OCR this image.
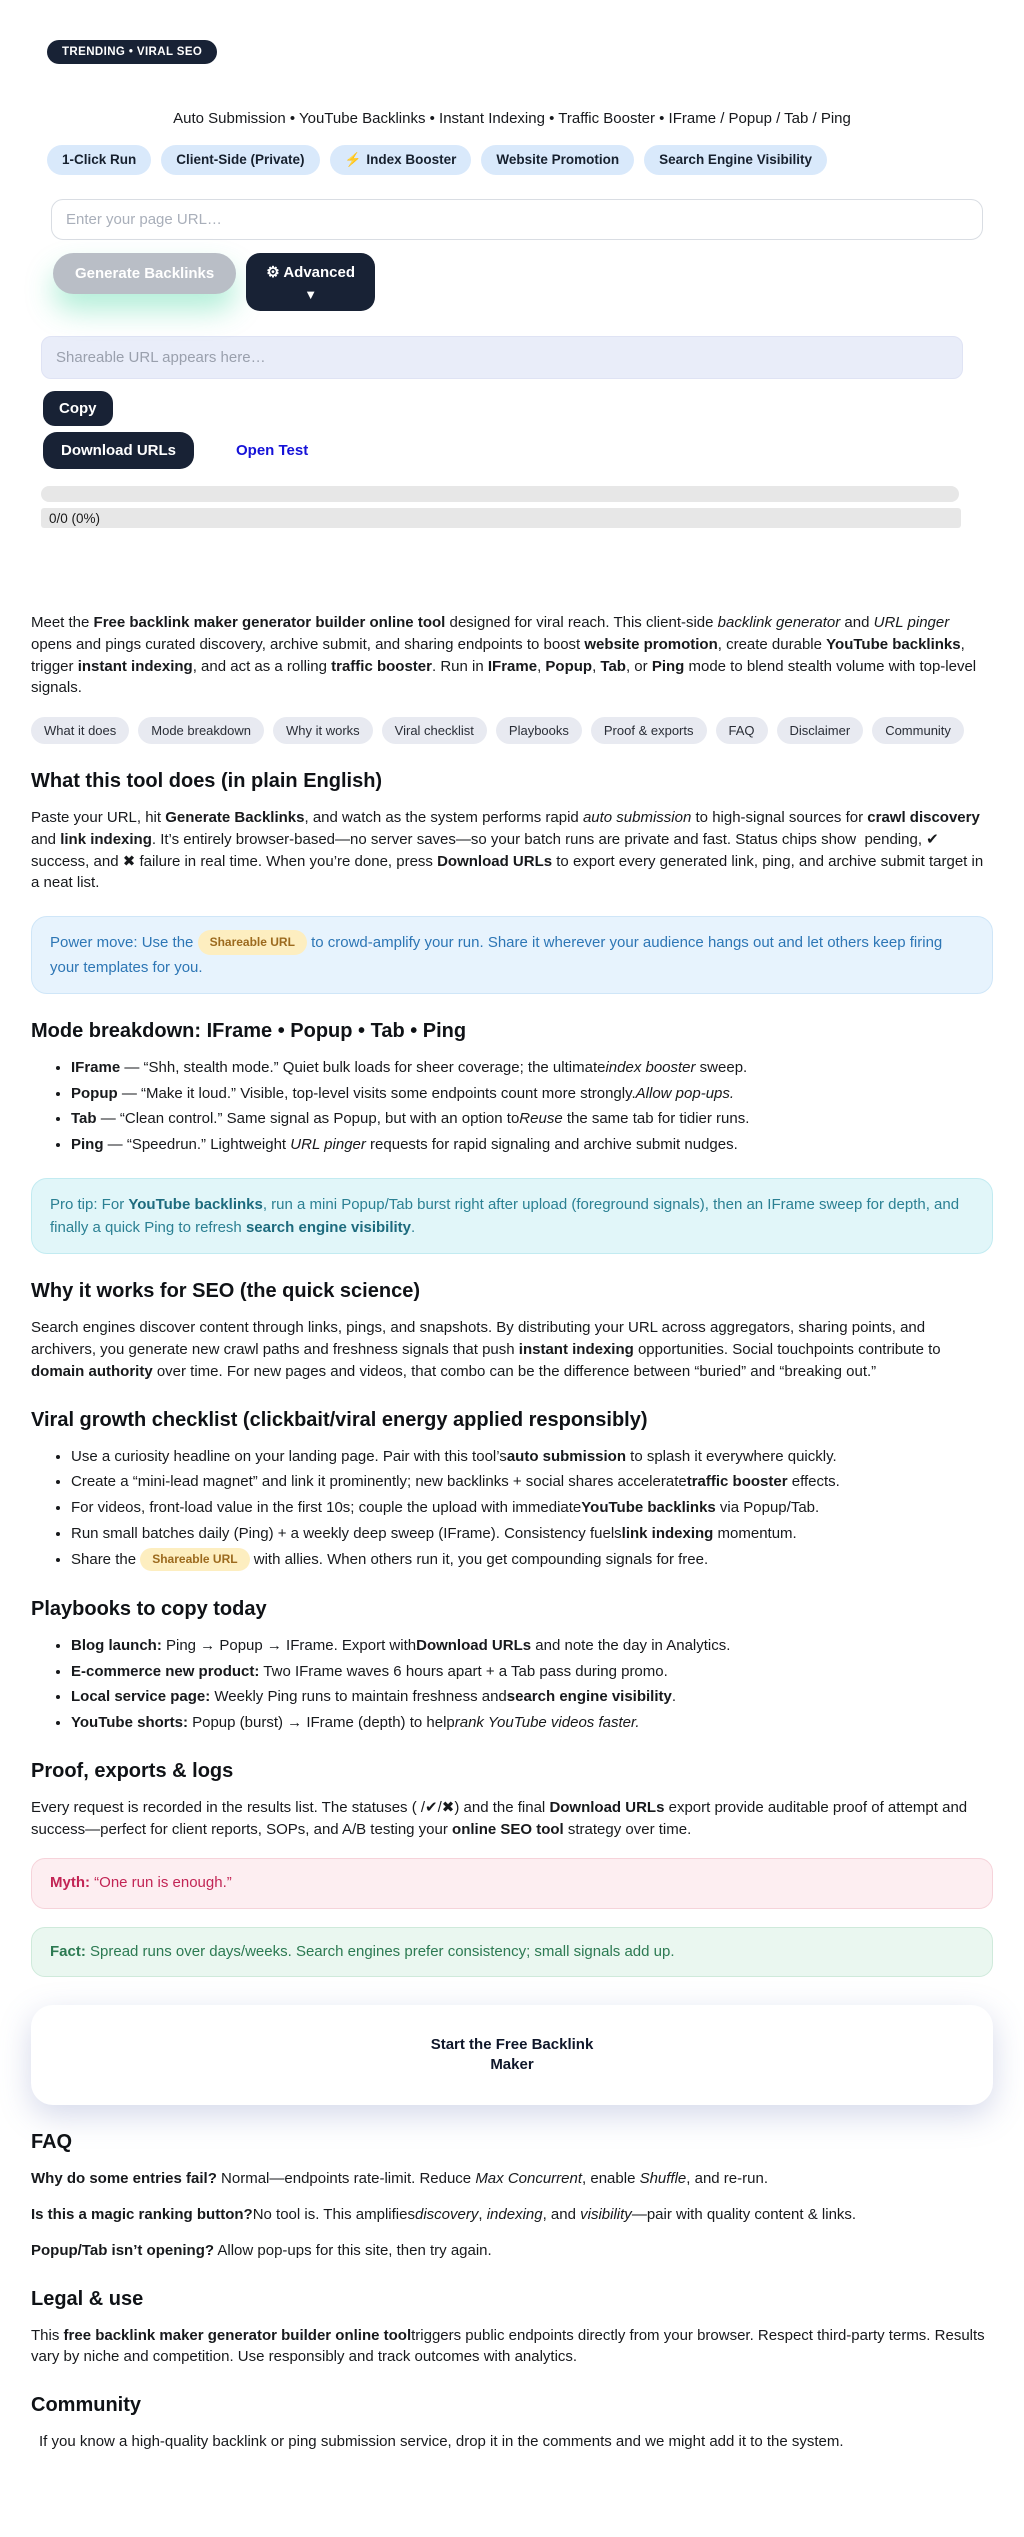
TRENDING • VIRAL SEO
Auto Submission • YouTube Backlinks • Instant Indexing • Traffic Booster • IFrame / Popup / Tab / Ping
1-Click Run	Client-Side (Private)	⚡ Index Booster	Website Promotion	Search Engine Visibility
Enter your page URL…
Generate Backlinks	⚙ Advanced
▼
Shareable URL appears here…
Copy
Download URLs	Open Test
0/0 (0%)

Meet the Free backlink maker generator builder online tool designed for viral reach. This client-side backlink generator and URL pinger opens and pings curated discovery, archive submit, and sharing endpoints to boost website promotion, create durable YouTube backlinks, trigger instant indexing, and act as a rolling traffic booster. Run in IFrame, Popup, Tab, or Ping mode to blend stealth volume with top-level signals.

What it does	Mode breakdown	Why it works	Viral checklist	Playbooks	Proof & exports	FAQ	Disclaimer	Community
What this tool does (in plain English)

Paste your URL, hit Generate Backlinks, and watch as the system performs rapid auto submission to high-signal sources for crawl discovery and link indexing. It’s entirely browser-based—no server saves—so your batch runs are private and fast. Status chips show  pending, ✔ success, and ✖ failure in real time. When you’re done, press Download URLs to export every generated link, ping, and archive submit target in a neat list.

Power move: Use the Shareable URL to crowd-amplify your run. Share it wherever your audience hangs out and let others keep firing your templates for you.
Mode breakdown: IFrame • Popup • Tab • Ping
• IFrame — “Shh, stealth mode.” Quiet bulk loads for sheer coverage; the ultimateindex booster sweep.
• Popup — “Make it loud.” Visible, top-level visits some endpoints count more strongly.Allow pop-ups.
• Tab — “Clean control.” Same signal as Popup, but with an option toReuse the same tab for tidier runs.
• Ping — “Speedrun.” Lightweight URL pinger requests for rapid signaling and archive submit nudges.
Pro tip: For YouTube backlinks, run a mini Popup/Tab burst right after upload (foreground signals), then an IFrame sweep for depth, and finally a quick Ping to refresh search engine visibility.
Why it works for SEO (the quick science)

Search engines discover content through links, pings, and snapshots. By distributing your URL across aggregators, sharing points, and archivers, you generate new crawl paths and freshness signals that push instant indexing opportunities. Social touchpoints contribute to domain authority over time. For new pages and videos, that combo can be the difference between “buried” and “breaking out.”

Viral growth checklist (clickbait/viral energy applied responsibly)
• Use a curiosity headline on your landing page. Pair with this tool’sauto submission to splash it everywhere quickly.
• Create a “mini-lead magnet” and link it prominently; new backlinks + social shares acceleratetraffic booster effects.
• For videos, front-load value in the first 10s; couple the upload with immediateYouTube backlinks via Popup/Tab.
• Run small batches daily (Ping) + a weekly deep sweep (IFrame). Consistency fuelslink indexing momentum.
• Share the Shareable URL with allies. When others run it, you get compounding signals for free.
Playbooks to copy today
• Blog launch: Ping → Popup → IFrame. Export withDownload URLs and note the day in Analytics.
• E-commerce new product: Two IFrame waves 6 hours apart + a Tab pass during promo.
• Local service page: Weekly Ping runs to maintain freshness andsearch engine visibility.
• YouTube shorts: Popup (burst) → IFrame (depth) to helprank YouTube videos faster.
Proof, exports & logs

Every request is recorded in the results list. The statuses ( /✔/✖) and the final Download URLs export provide auditable proof of attempt and success—perfect for client reports, SOPs, and A/B testing your online SEO tool strategy over time.

Myth: “One run is enough.”
Fact: Spread runs over days/weeks. Search engines prefer consistency; small signals add up.
Start the Free Backlink Maker
FAQ

Why do some entries fail? Normal—endpoints rate-limit. Reduce Max Concurrent, enable Shuffle, and re-run.

Is this a magic ranking button?No tool is. This amplifiesdiscovery, indexing, and visibility—pair with quality content & links.

Popup/Tab isn’t opening? Allow pop-ups for this site, then try again.

Legal & use

This free backlink maker generator builder online tooltriggers public endpoints directly from your browser. Respect third-party terms. Results vary by niche and competition. Use responsibly and track outcomes with analytics.

Community

If you know a high-quality backlink or ping submission service, drop it in the comments and we might add it to the system.
